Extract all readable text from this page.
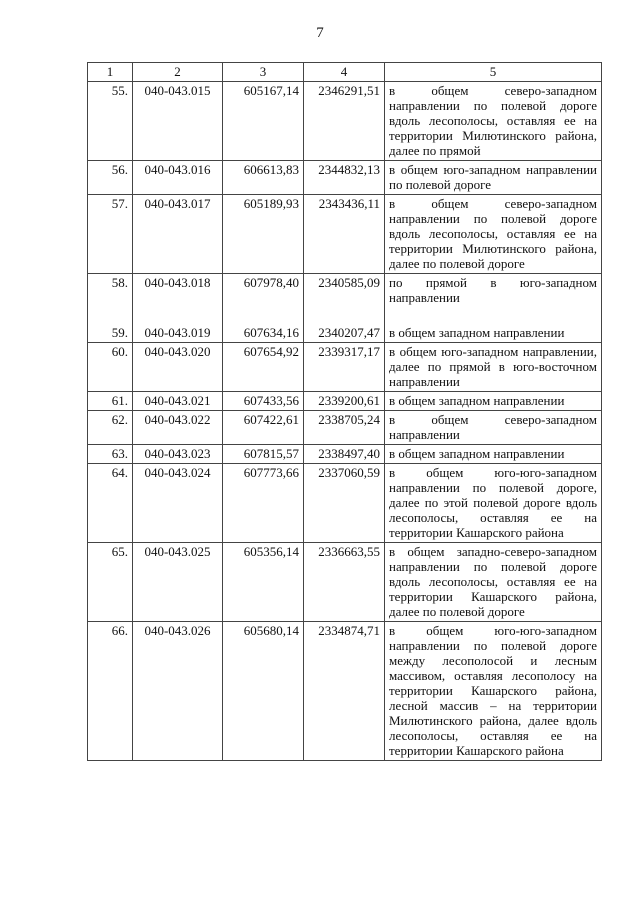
7
1	2	3	4	5
55.	040-043.015	605167,14	2346291,51	в общем северо-западном направлении по полевой дороге вдоль лесополосы, оставляя ее на территории Милютинского района, далее по прямой
56.	040-043.016	606613,83	2344832,13	в общем юго-западном направлении по полевой дороге
57.	040-043.017	605189,93	2343436,11	в общем северо-западном направлении по полевой дороге вдоль лесополосы, оставляя ее на территории Милютинского района, далее по полевой дороге
58.	040-043.018	607978,40	2340585,09	по прямой в юго-западном направлении
59.	040-043.019	607634,16	2340207,47	в общем западном направлении
60.	040-043.020	607654,92	2339317,17	в общем юго-западном направлении, далее по прямой в юго-восточном направлении
61.	040-043.021	607433,56	2339200,61	в общем западном направлении
62.	040-043.022	607422,61	2338705,24	в общем северо-западном направлении
63.	040-043.023	607815,57	2338497,40	в общем западном направлении
64.	040-043.024	607773,66	2337060,59	в общем юго-юго-западном направлении по полевой дороге, далее по этой полевой дороге вдоль лесополосы, оставляя ее на территории Кашарского района
65.	040-043.025	605356,14	2336663,55	в общем западно-северо-западном направлении по полевой дороге вдоль лесополосы, оставляя ее на территории Кашарского района, далее по полевой дороге
66.	040-043.026	605680,14	2334874,71	в общем юго-юго-западном направлении по полевой дороге между лесополосой и лесным массивом, оставляя лесополосу на территории Кашарского района, лесной массив – на территории Милютинского района, далее вдоль лесополосы, оставляя ее на территории Кашарского района
